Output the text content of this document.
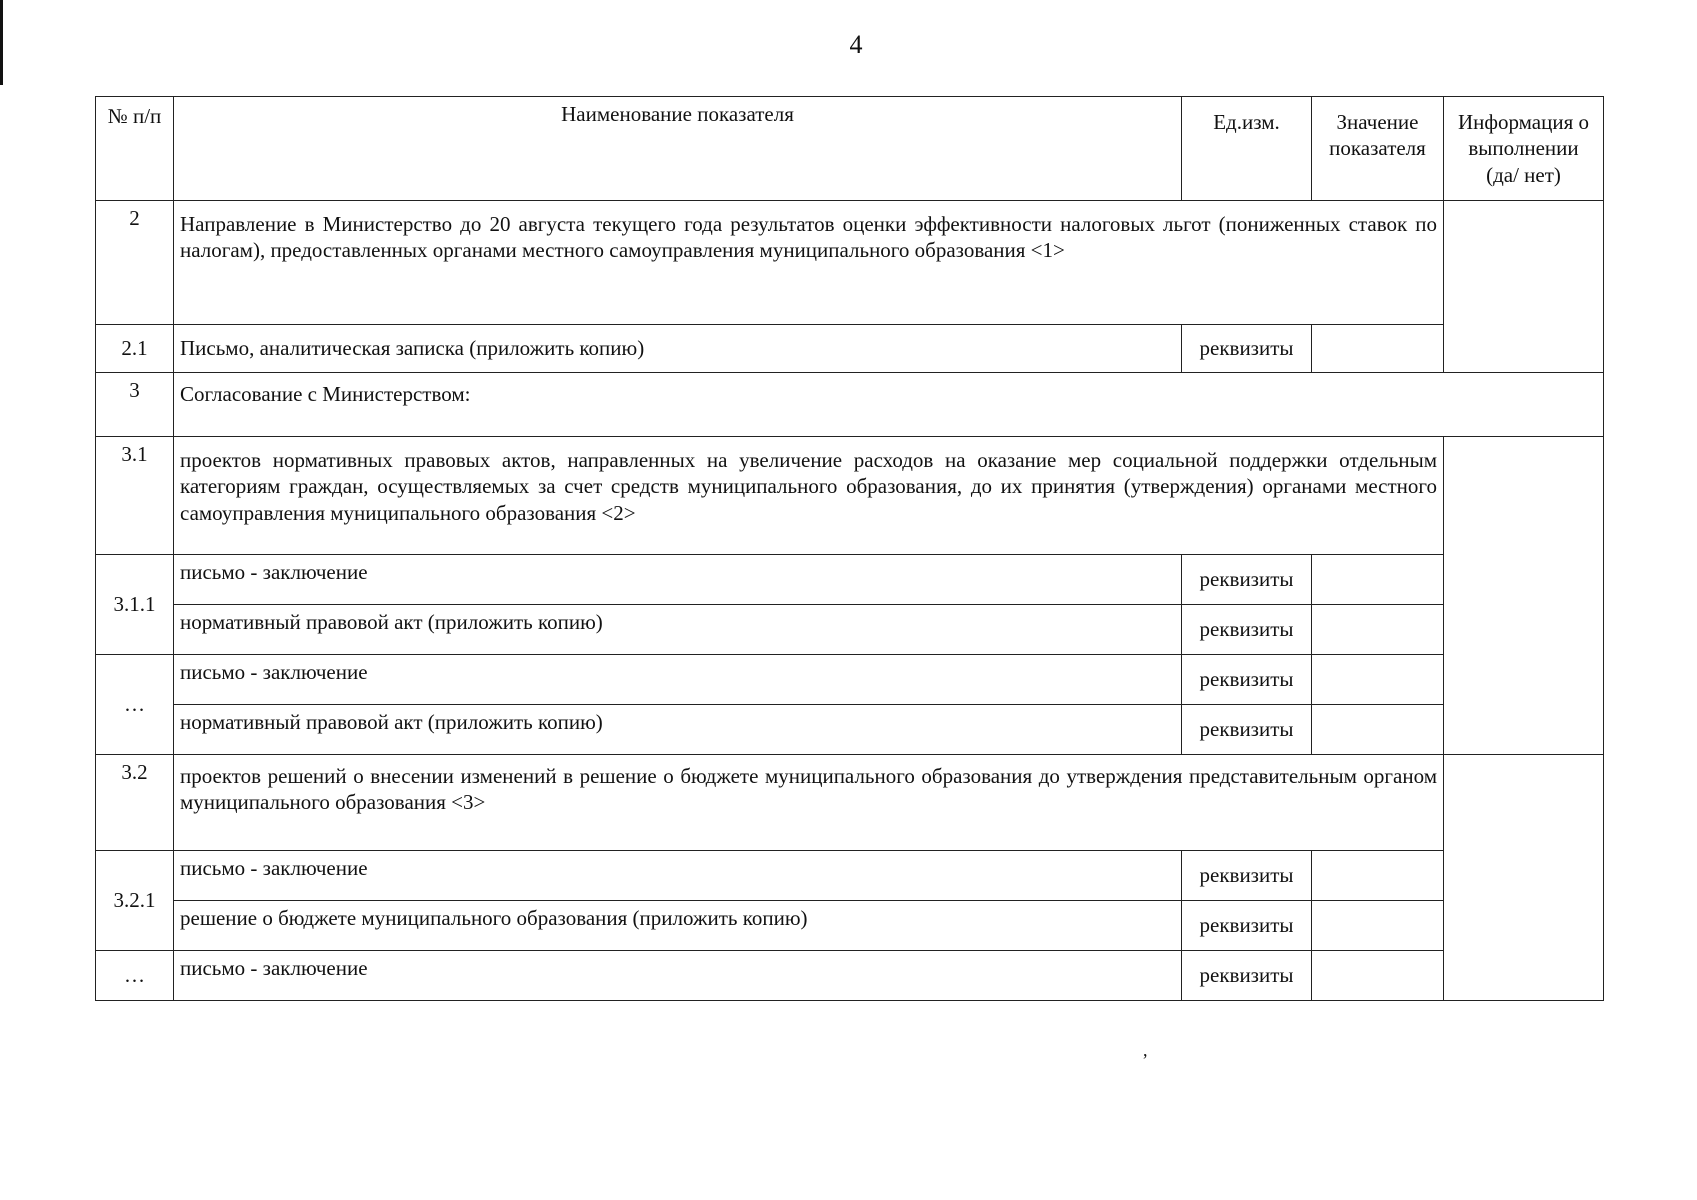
4
№ п/п	Наименование показателя	Ед.изм.	Значение показателя	Информация о выполнении (да/ нет)
2	Направление в Министерство до 20 августа текущего года результатов оценки эффективности налоговых льгот (пониженных ставок по налогам), предоставленных органами местного самоуправления муниципального образования <1>			
2.1	Письмо, аналитическая записка (приложить копию)	реквизиты		
3	Согласование с Министерством:			
3.1	проектов нормативных правовых актов, направленных на увеличение расходов на оказание мер социальной поддержки отдельным категориям граждан, осуществляемых за счет средств муниципального образования, до их принятия (утверждения) органами местного самоуправления муниципального образования <2>			
3.1.1	письмо - заключение	реквизиты		
	нормативный правовой акт (приложить копию)	реквизиты		
…	письмо - заключение	реквизиты		
	нормативный правовой акт (приложить копию)	реквизиты		
3.2	проектов решений о внесении изменений в решение о бюджете муниципального образования до утверждения представительным органом муниципального образования <3>			
3.2.1	письмо - заключение	реквизиты		
	решение о бюджете муниципального образования (приложить копию)	реквизиты		
…	письмо - заключение	реквизиты		
,
